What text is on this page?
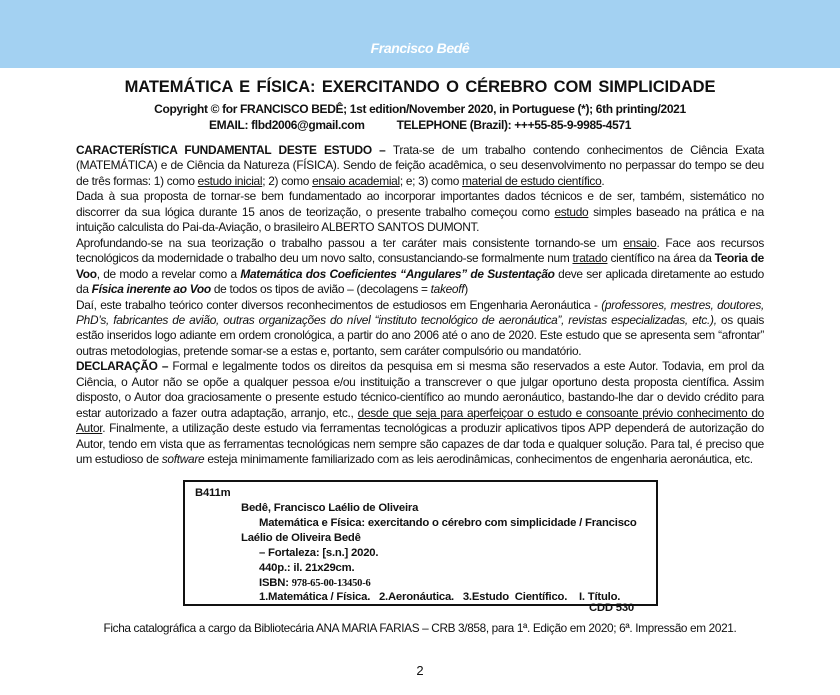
Francisco Bedê
MATEMÁTICA E FÍSICA: EXERCITANDO O CÉREBRO COM SIMPLICIDADE
Copyright © for FRANCISCO BEDÊ; 1st edition/November 2020, in Portuguese (*); 6th printing/2021
EMAIL: flbd2006@gmail.com	TELEPHONE (Brazil): +++55-85-9-9985-4571

CARACTERÍSTICA FUNDAMENTAL DESTE ESTUDO – Trata-se de um trabalho contendo conhecimentos de Ciência Exata (MATEMÁTICA) e de Ciência da Natureza (FÍSICA). Sendo de feição acadêmica, o seu desenvolvimento no perpassar do tempo se deu de três formas: 1) como estudo inicial; 2) como ensaio academial; e; 3) como material de estudo científico.

Dada à sua proposta de tornar-se bem fundamentado ao incorporar importantes dados técnicos e de ser, também, sistemático no discorrer da sua lógica durante 15 anos de teorização, o presente trabalho começou como estudo simples baseado na prática e na intuição calculista do Pai-da-Aviação, o brasileiro ALBERTO SANTOS DUMONT.

Aprofundando-se na sua teorização o trabalho passou a ter caráter mais consistente tornando-se um ensaio. Face aos recursos tecnológicos da modernidade o trabalho deu um novo salto, consustanciando-se formalmente num tratado científico na área da Teoria de Voo, de modo a revelar como a Matemática dos Coeficientes “Angulares” de Sustentação deve ser aplicada diretamente ao estudo da Física inerente ao Voo de todos os tipos de avião – (decolagens = takeoff)

Daí, este trabalho teórico conter diversos reconhecimentos de estudiosos em Engenharia Aeronáutica - (professores, mestres, doutores, PhD’s, fabricantes de avião, outras organizações do nível “instituto tecnológico de aeronáutica”, revistas especializadas, etc.), os quais estão inseridos logo adiante em ordem cronológica, a partir do ano 2006 até o ano de 2020. Este estudo que se apresenta sem “afrontar” outras metodologias, pretende somar-se a estas e, portanto, sem caráter compulsório ou mandatório.

DECLARAÇÃO – Formal e legalmente todos os direitos da pesquisa em si mesma são reservados a este Autor. Todavia, em prol da Ciência, o Autor não se opõe a qualquer pessoa e/ou instituição a transcrever o que julgar oportuno desta proposta científica. Assim disposto, o Autor doa graciosamente o presente estudo técnico-científico ao mundo aeronáutico, bastando-lhe dar o devido crédito para estar autorizado a fazer outra adaptação, arranjo, etc., desde que seja para aperfeiçoar o estudo e consoante prévio conhecimento do Autor. Finalmente, a utilização deste estudo via ferramentas tecnológicas a produzir aplicativos tipos APP dependerá de autorização do Autor, tendo em vista que as ferramentas tecnológicas nem sempre são capazes de dar toda e qualquer solução. Para tal, é preciso que um estudioso de software esteja minimamente familiarizado com as leis aerodinâmicas, conhecimentos de engenharia aeronáutica, etc.

B411m
Bedê, Francisco Laélio de Oliveira
Matemática e Física: exercitando o cérebro com simplicidade / Francisco
Laélio de Oliveira Bedê
– Fortaleza: [s.n.] 2020.
440p.: il. 21x29cm.
ISBN: 978-65-00-13450-6
1.Matemática / Física.   2.Aeronáutica.   3.Estudo  Científico.    I. Título.
CDD 530
Ficha catalográfica a cargo da Bibliotecária ANA MARIA FARIAS – CRB 3/858, para 1ª. Edição em 2020; 6ª. Impressão em 2021.
2
